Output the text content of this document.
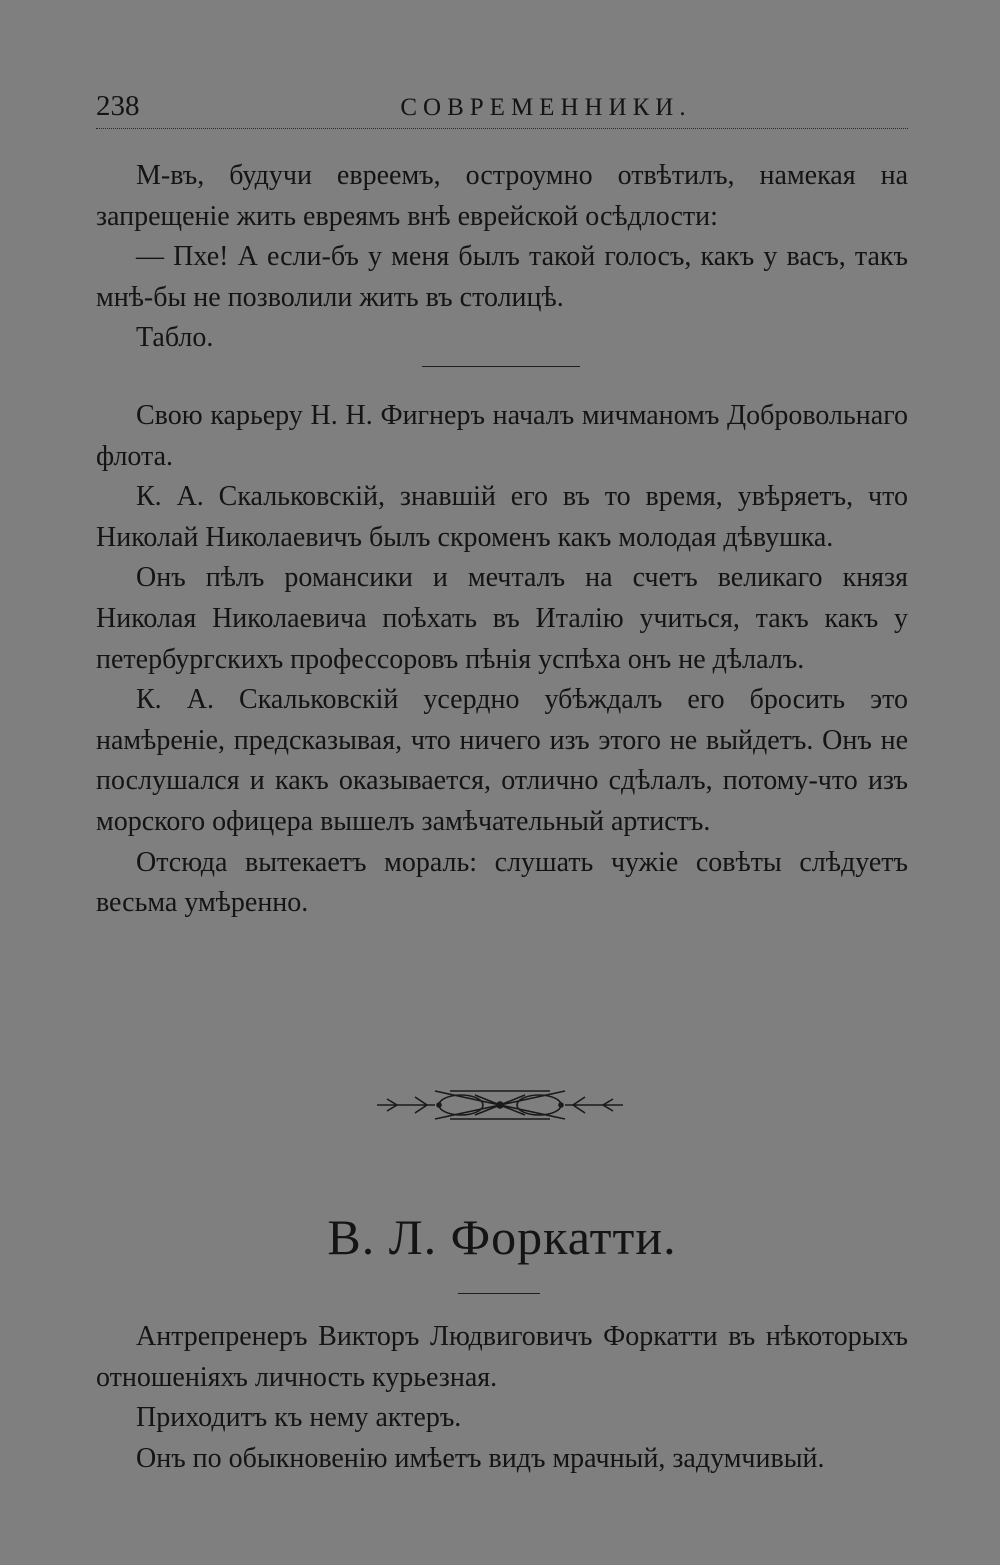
238	СОВРЕМЕННИКИ.

М-въ, будучи евреемъ, остроумно отвѣтилъ, намекая на запрещеніе жить евреямъ внѣ еврейской осѣдлости:

— Пхе! А если-бъ у меня былъ такой голосъ, какъ у васъ, такъ мнѣ-бы не позволили жить въ столицѣ.

Табло.

Свою карьеру Н. Н. Фигнеръ началъ мичманомъ Добровольнаго флота.

К. А. Скальковскій, знавшій его въ то время, увѣряетъ, что Николай Николаевичъ былъ скроменъ какъ молодая дѣвушка.

Онъ пѣлъ романсики и мечталъ на счетъ великаго князя Николая Николаевича поѣхать въ Италію учиться, такъ какъ у петербургскихъ профессоровъ пѣнія успѣха онъ не дѣлалъ.

К. А. Скальковскій усердно убѣждалъ его бросить это намѣреніе, предсказывая, что ничего изъ этого не выйдетъ. Онъ не послушался и какъ оказывается, отлично сдѣлалъ, потому-что изъ морского офицера вышелъ замѣчательный артистъ.

Отсюда вытекаетъ мораль: слушать чужіе совѣты слѣдуетъ весьма умѣренно.

В. Л. Форкатти.

Антрепренеръ Викторъ Людвиговичъ Форкатти въ нѣкоторыхъ отношеніяхъ личность курьезная.

Приходитъ къ нему актеръ.

Онъ по обыкновенію имѣетъ видъ мрачный, задумчивый.
